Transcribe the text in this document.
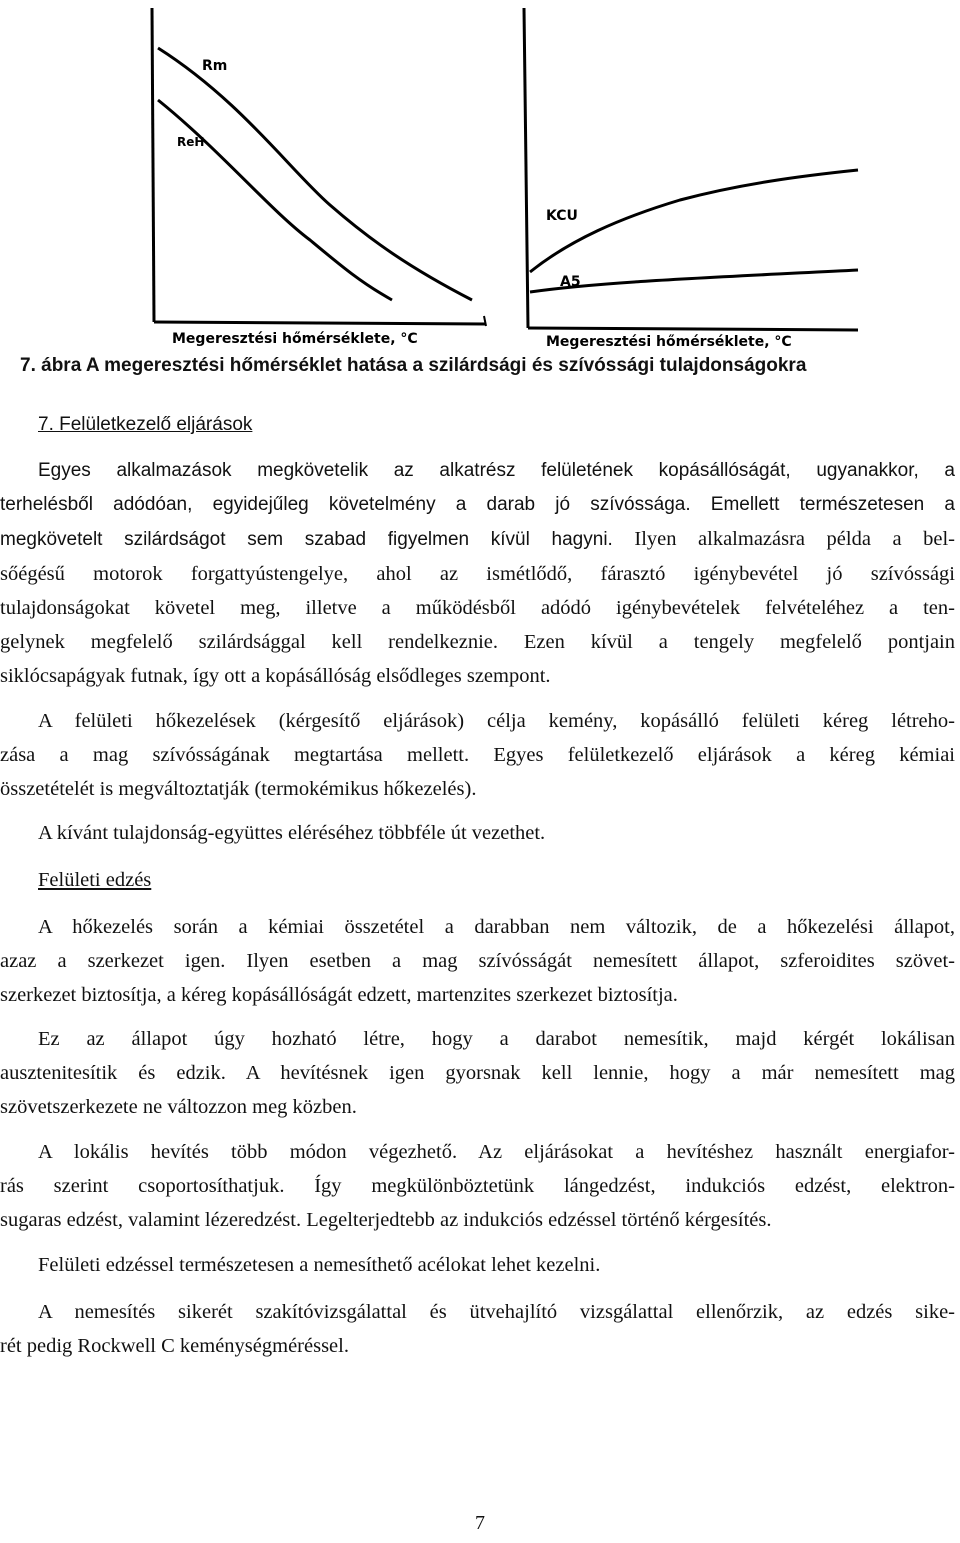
Rm
ReH
Megeresztési hőmérséklete, °C
KCU
A5
Megeresztési hőmérséklete, °C
7. ábra A megeresztési hőmérséklet hatása a szilárdsági és szívóssági tulajdonságokra
7. Felületkezelő eljárások
Egyes alkalmazások megkövetelik az alkatrész felületének kopásállóságát, ugyanakkor, a
terhelésből adódóan, egyidejűleg követelmény a darab jó szívóssága. Emellett természetesen a
megkövetelt szilárdságot sem szabad figyelmen kívül hagyni. Ilyen alkalmazásra példa a bel-
sőégésű motorok forgattyústengelye, ahol az ismétlődő, fárasztó igénybevétel jó szívóssági
tulajdonságokat követel meg, illetve a működésből adódó igénybevételek felvételéhez a ten-
gelynek megfelelő szilárdsággal kell rendelkeznie. Ezen kívül a tengely megfelelő pontjain
siklócsapágyak futnak, így ott a kopásállóság elsődleges szempont.
A felületi hőkezelések (kérgesítő eljárások) célja kemény, kopásálló felületi kéreg létreho-
zása a mag szívósságának megtartása mellett. Egyes felületkezelő eljárások a kéreg kémiai
összetételét is megváltoztatják (termokémikus hőkezelés).
A kívánt tulajdonság-együttes eléréséhez többféle út vezethet.
Felületi edzés
A hőkezelés során a kémiai összetétel a darabban nem változik, de a hőkezelési állapot,
azaz a szerkezet igen. Ilyen esetben a mag szívósságát nemesített állapot, szferoidites szövet-
szerkezet biztosítja, a kéreg kopásállóságát edzett, martenzites szerkezet biztosítja.
Ez az állapot úgy hozható létre, hogy a darabot nemesítik, majd kérgét lokálisan
ausztenitesítik és edzik. A hevítésnek igen gyorsnak kell lennie, hogy a már nemesített mag
szövetszerkezete ne változzon meg közben.
A lokális hevítés több módon végezhető. Az eljárásokat a hevítéshez használt energiafor-
rás szerint csoportosíthatjuk. Így megkülönböztetünk lángedzést, indukciós edzést, elektron-
sugaras edzést, valamint lézeredzést. Legelterjedtebb az indukciós edzéssel történő kérgesítés.
Felületi edzéssel természetesen a nemesíthető acélokat lehet kezelni.
A nemesítés sikerét szakítóvizsgálattal és ütvehajlító vizsgálattal ellenőrzik, az edzés sike-
rét pedig Rockwell C keménységméréssel.
7
